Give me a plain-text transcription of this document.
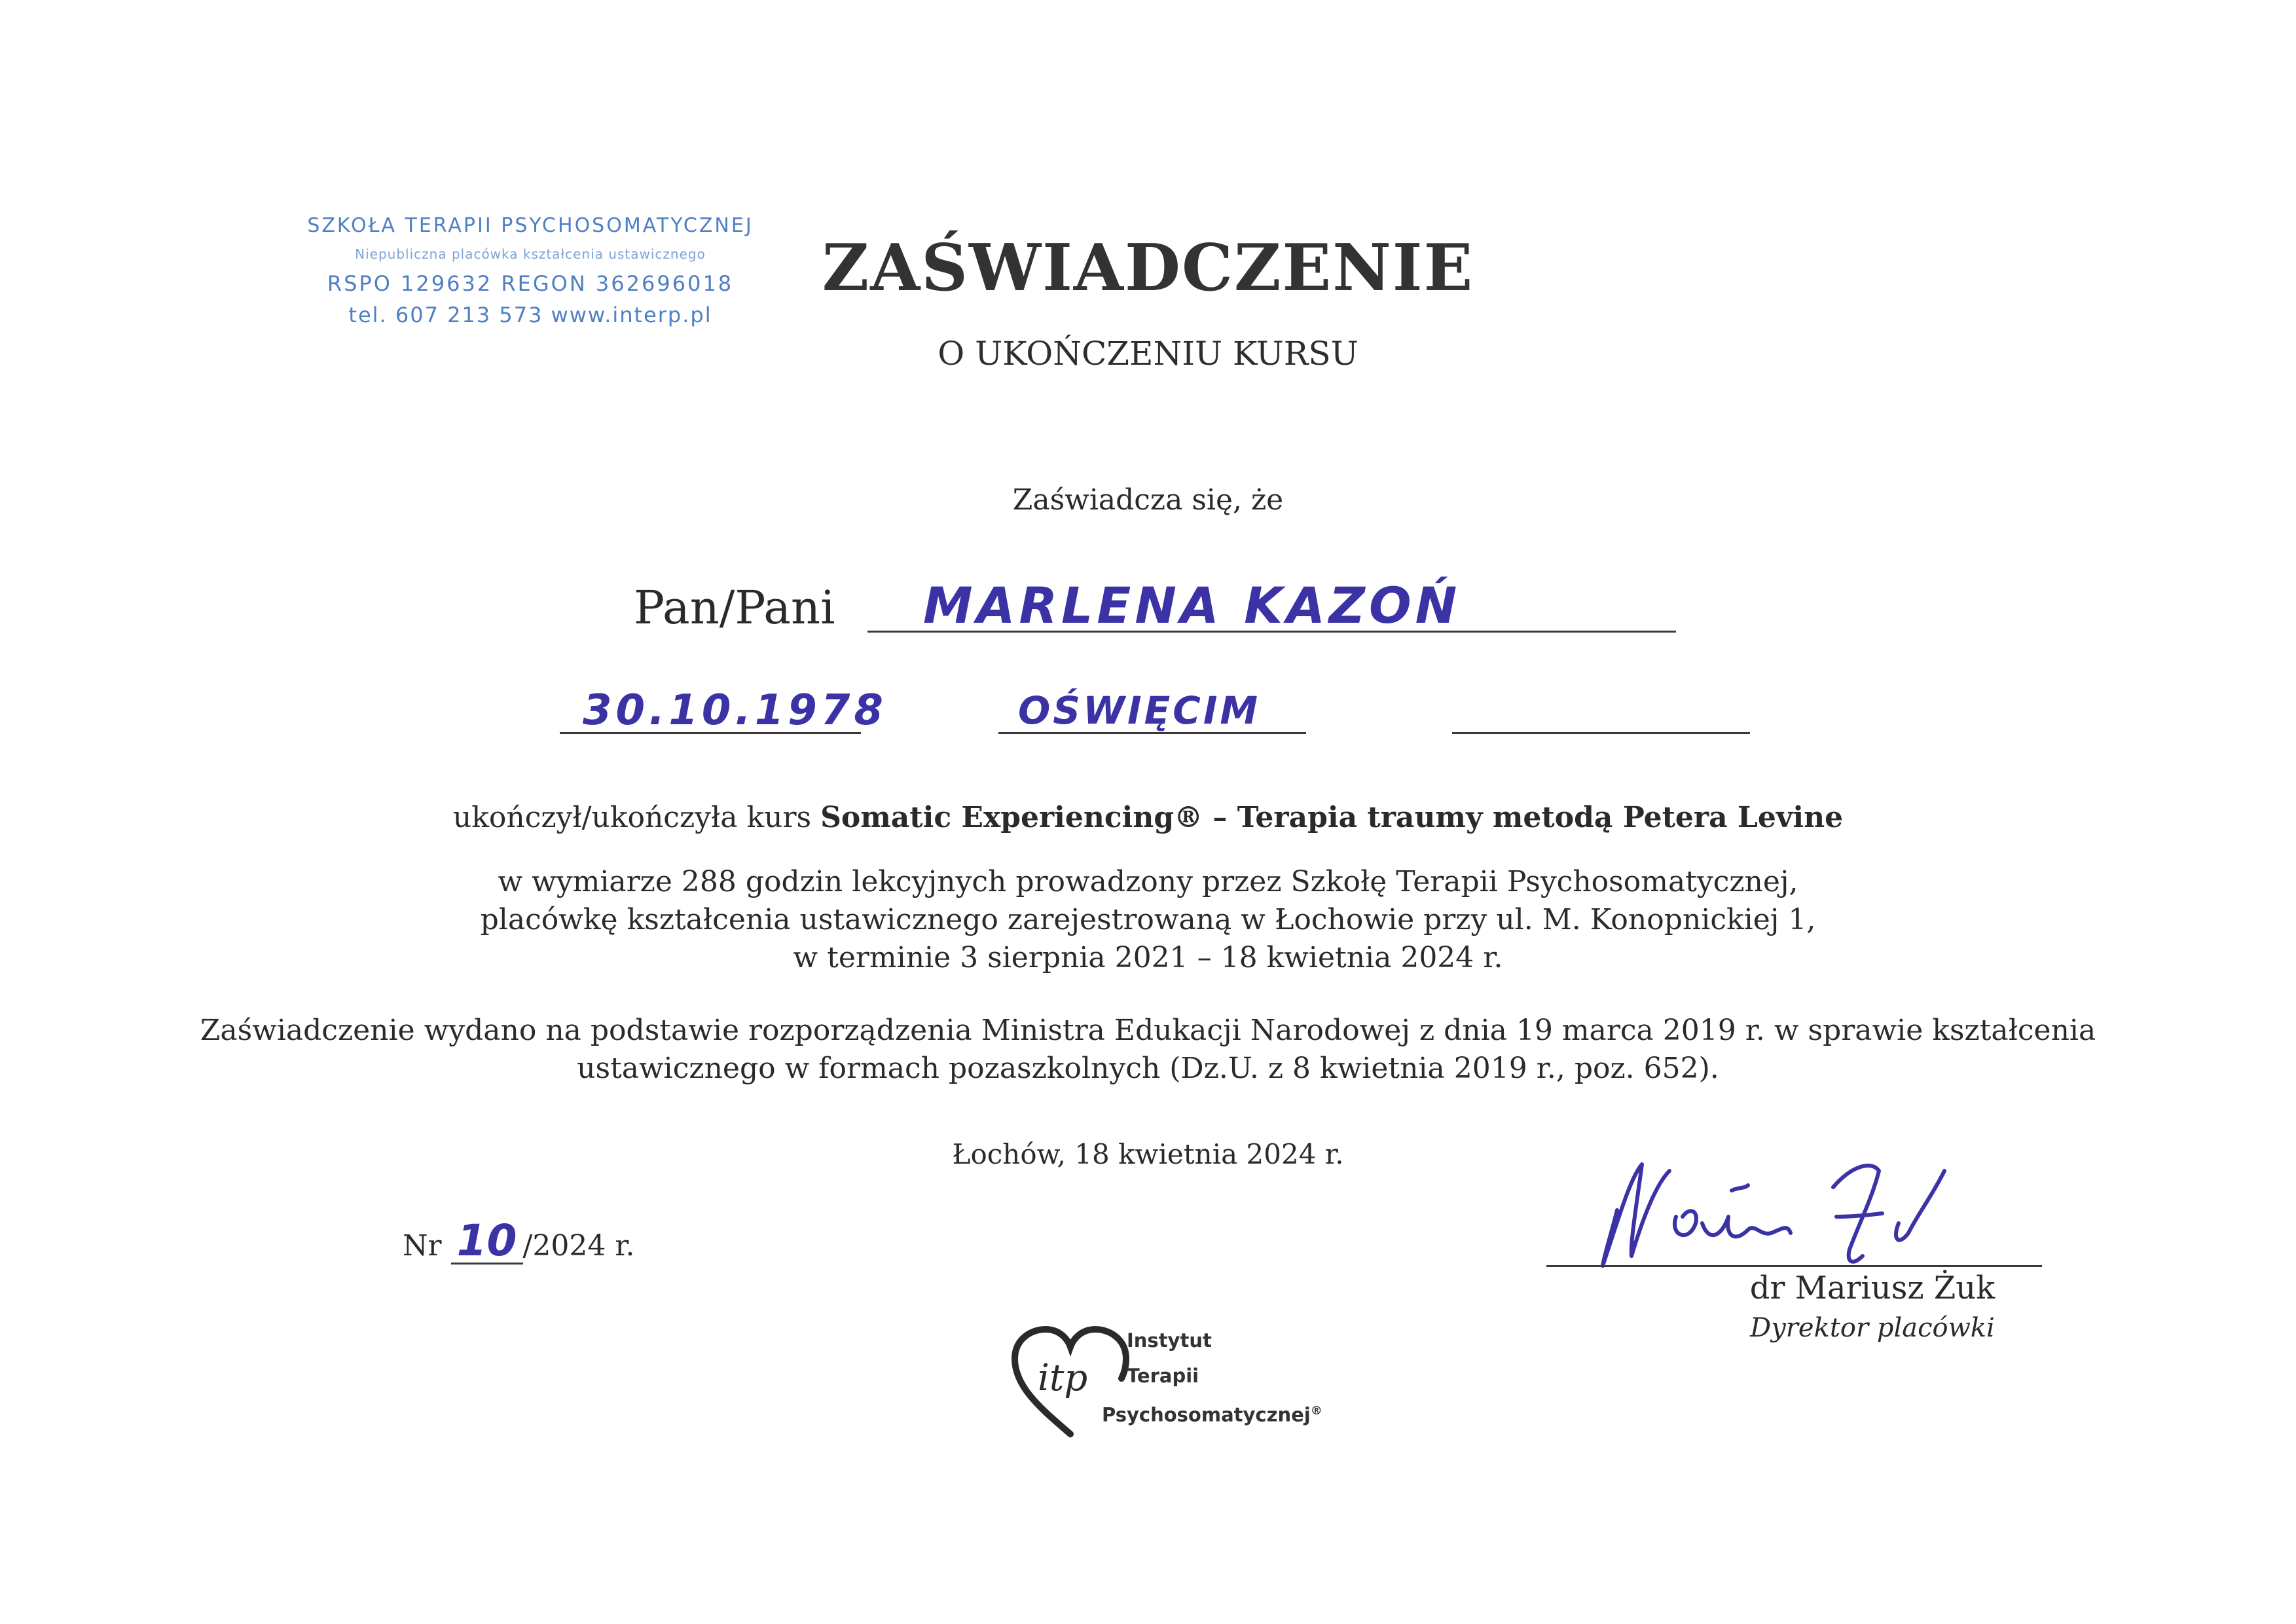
SZKOŁA TERAPII PSYCHOSOMATYCZNEJ
Niepubliczna placówka kształcenia ustawicznego
RSPO 129632 REGON 362696018
tel. 607 213 573 www.interp.pl
ZAŚWIADCZENIE
O UKOŃCZENIU KURSU
Zaświadcza się, że
Pan/Pani MARLENA KAZOŃ
30.10.1978	OŚWIĘCIM
ukończył/ukończyła kurs Somatic Experiencing® – Terapia traumy metodą Petera Levine
w wymiarze 288 godzin lekcyjnych prowadzony przez Szkołę Terapii Psychosomatycznej,
placówkę kształcenia ustawicznego zarejestrowaną w Łochowie przy ul. M. Konopnickiej 1,
w terminie 3 sierpnia 2021 – 18 kwietnia 2024 r.
Zaświadczenie wydano na podstawie rozporządzenia Ministra Edukacji Narodowej z dnia 19 marca 2019 r. w sprawie kształcenia
ustawicznego w formach pozaszkolnych (Dz.U. z 8 kwietnia 2019 r., poz. 652).
Łochów, 18 kwietnia 2024 r.
Nr 10 /2024 r.
dr Mariusz Żuk
Dyrektor placówki
itp
Instytut
Terapii
Psychosomatycznej®
